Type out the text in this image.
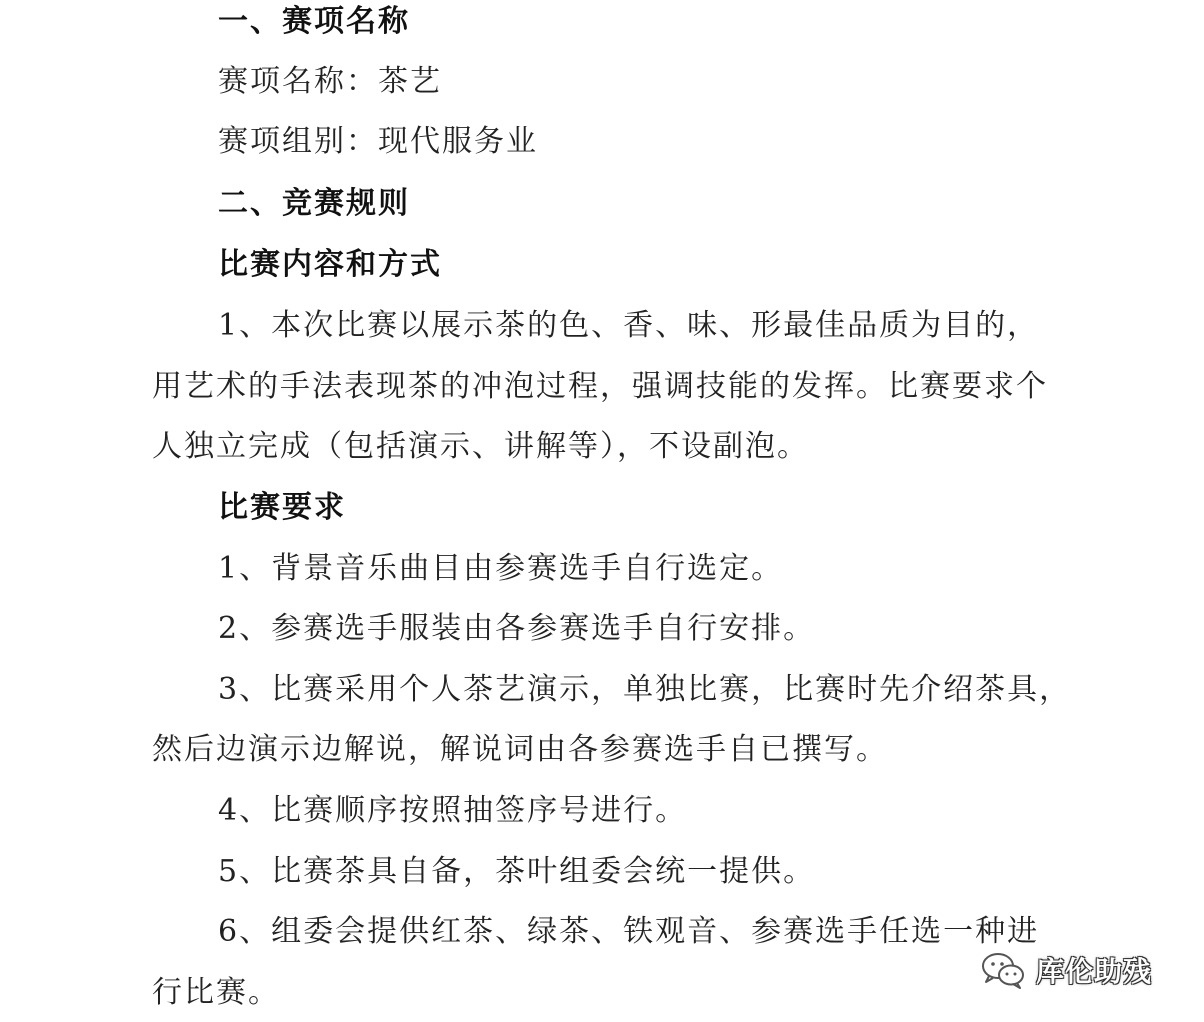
一、赛项名称
赛项名称：茶艺
赛项组别：现代服务业
二、竞赛规则
比赛内容和方式
1、本次比赛以展示茶的色、香、味、形最佳品质为目的，
用艺术的手法表现茶的冲泡过程，强调技能的发挥。比赛要求个
人独立完成（包括演示、讲解等），不设副泡。
比赛要求
1、背景音乐曲目由参赛选手自行选定。
2、参赛选手服装由各参赛选手自行安排。
3、比赛采用个人茶艺演示，单独比赛，比赛时先介绍茶具，
然后边演示边解说，解说词由各参赛选手自已撰写。
4、比赛顺序按照抽签序号进行。
5、比赛茶具自备，茶叶组委会统一提供。
6、组委会提供红茶、绿茶、铁观音、参赛选手任选一种进
行比赛。
库伦助残
